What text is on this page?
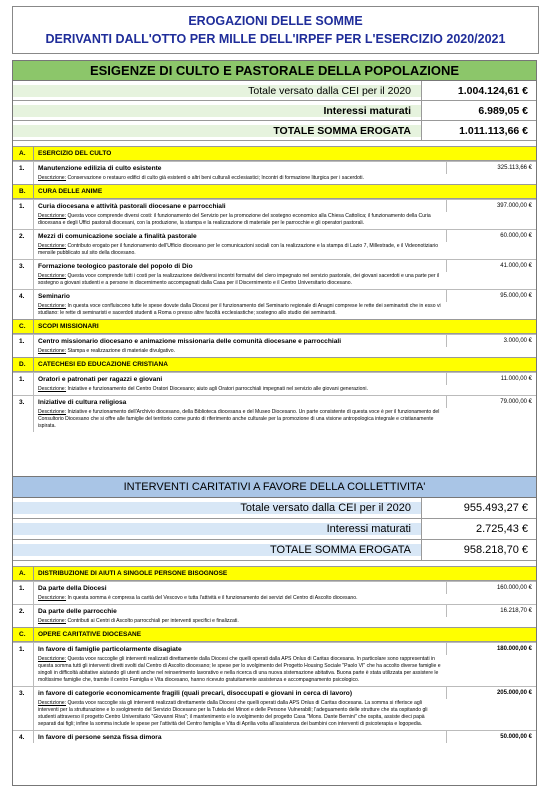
EROGAZIONI DELLE SOMME
DERIVANTI DALL'OTTO PER MILLE DELL'IRPEF PER L'ESERCIZIO 2020/2021
ESIGENZE DI CULTO E PASTORALE DELLA POPOLAZIONE
Totale versato dalla CEI per il 2020	1.004.124,61 €
Interessi maturati	6.989,05 €
TOTALE SOMMA EROGATA	1.011.113,66 €
A.	ESERCIZIO DEL CULTO
1.	Manutenzione edilizia di culto esistente	325.113,66 €
Descrizione: Conservazione o restauro edifici di culto già esistenti o altri beni culturali ecclesiastici; Incontri di formazione liturgica per i sacerdoti.
B.	CURA DELLE ANIME
1.	Curia diocesana e attività pastorali diocesane e parrocchiali	397.000,00 €
Descrizione: Questa voce comprende diversi costi: il funzionamento del Servizio per la promozione del sostegno economico alla Chiesa Cattolica; il funzionamento della Curia diocesana e degli Uffici pastorali diocesani, con la produzione, la stampa e la realizzazione di materiale per le parrocchie e gli operatori pastorali.
2.	Mezzi di comunicazione sociale a finalità pastorale	60.000,00 €
Descrizione: Contributo erogato per il funzionamento dell'Ufficio diocesano per le comunicazioni sociali con la realizzazione e la stampa di Lazio 7, Millestrade, e il Videonotiziario mensile pubblicato sul sito della diocesano.
3.	Formazione teologico pastorale del popolo di Dio	41.000,00 €
Descrizione: Questa voce comprende tutti i costi per la realizzazione dei/diversi incontri formativi del clero impegnato nel servizio pastorale, dei giovani sacerdoti e una parte per il sostegno a giovani studenti e a persone in discernimento accompagnati dalla Casa per il Discernimento e il Centro Universitario diocesano.
4.	Seminario	95.000,00 €
Descrizione: In questa voce confluiscono tutte le spese dovute dalla Diocesi per il funzionamento del Seminario regionale di Anagni comprese le rette dei seminaristi che in esso vi studiano: le rette di seminaristi e sacerdoti studenti a Roma o presso altre facoltà ecclesiastiche; sostegno allo studio dei seminaristi.
C.	SCOPI MISSIONARI
1.	Centro missionario diocesano e animazione missionaria delle comunità diocesane e parrocchiali	3.000,00 €
Descrizione: Stampa e realizzazione di materiale divulgativo.
D.	CATECHESI ED EDUCAZIONE CRISTIANA
1.	Oratori e patronati per ragazzi e giovani	11.000,00 €
Descrizione: Iniziative e funzionamento del Centro Oratori Diocesano; aiuto agli Oratori parrocchiali impegnati nel servizio alle giovani generazioni.
3.	Iniziative di cultura religiosa	79.000,00 €
Descrizione: Iniziative e funzionamento dell'Archivio diocesano, della Biblioteca diocesana e del Museo Diocesano. Un parte consistente di questa voce è per il funzionamento del Consultorio Diocesano che si offre alle famiglie del territorio come punto di riferimento anche culturale per la promozione di una visione antropologica integrale e cristianamente ispirata.
INTERVENTI CARITATIVI A FAVORE DELLA COLLETTIVITA'
Totale versato dalla CEI per il 2020	955.493,27 €
Interessi maturati	2.725,43 €
TOTALE SOMMA EROGATA	958.218,70 €
A.	DISTRIBUZIONE DI AIUTI A SINGOLE PERSONE BISOGNOSE
1.	Da parte della Diocesi	160.000,00 €
Descrizione: In questa somma è compresa la carità del Vescovo e tutta l'attività e il funzionamento dei servizi del Centro di Ascolto diocesano.
2.	Da parte delle parrocchie	16.218,70 €
Descrizione: Contributi ai Centri di Ascolto parrocchiali per interventi specifici e finalizzati.
C.	OPERE CARITATIVE DIOCESANE
1.	In favore di famiglie particolarmente disagiate	180.000,00 €
Descrizione: Questa voce raccoglie gli interventi realizzati direttamente dalla Diocesi che quelli operati dalla APS Onlus di Caritas diocesana. In particolare sono rappresentati in questa somma tutti gli interventi diretti svolti dal Centro di Ascolto diocesano; le spese per lo svolgimento del Progetto Housing Sociale "Paolo VI" che ha accolto diverse famiglie e singoli in difficoltà abitative aiutando gli utenti anche nel reinserimento lavorativo e nella ricerca di una nuova sistemazione abitativa. Buona parte è stata utilizzata per assistere le moltissime famiglie che, tramite il centro Famiglia e Vita diocesano, hanno ricevuto gratuitamente assistenza e accompagnamento psicologico.
3.	in favore di categorie economicamente fragili (quali precari, disoccupati e giovani in cerca di lavoro)	205.000,00 €
Descrizione: Questa voce raccoglie sia gli interventi realizzati direttamente dalla Diocesi che quelli operati dalla APS Onlus di Caritas diocesana. La somma si riferisce agli interventi per la strutturazione e lo svolgimento del Servizio Diocesano per la Tutela dei Minori e delle Persone Vulnerabili; l'adeguamento delle strutture che sta ospitando gli studenti attraverso il progetto Centro Universitario "Giovanni Riva"; il mantenimento e lo svolgimento del progetto Casa "Mons. Dante Bernini" che ospita, assiste dieci papà separati dai figli; infine la somma include le spese per l'attività del Centro famiglia e Vita di Aprilia volta all'assistenza dei bambini con interventi di psicoterapia e logopedia.
4.	In favore di persone senza fissa dimora	50.000,00 €
